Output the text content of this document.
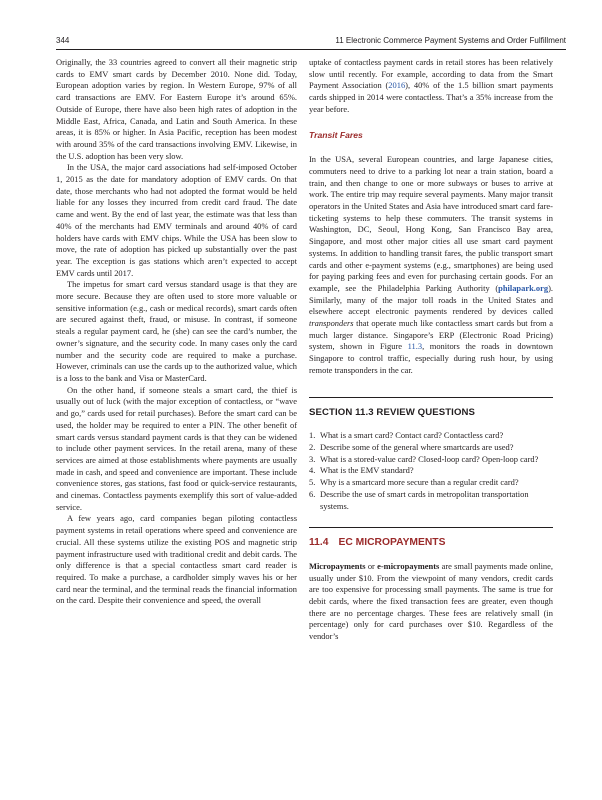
344	11 Electronic Commerce Payment Systems and Order Fulfillment

Originally, the 33 countries agreed to convert all their magnetic strip cards to EMV smart cards by December 2010. None did. Today, European adoption varies by region. In Western Europe, 97% of all card transactions are EMV. For Eastern Europe it’s around 65%. Outside of Europe, there have also been high rates of adoption in the Middle East, Africa, Canada, and Latin and South America. In these areas, it is 85% or higher. In Asia Pacific, reception has been modest with around 35% of the card transactions involving EMV. Likewise, in the U.S. adoption has been very slow.

In the USA, the major card associations had self-imposed October 1, 2015 as the date for mandatory adoption of EMV cards. On that date, those merchants who had not adopted the format would be held liable for any losses they incurred from credit card fraud. The date came and went. By the end of last year, the estimate was that less than 40% of the merchants had EMV terminals and around 40% of card holders have cards with EMV chips. While the USA has been slow to move, the rate of adoption has picked up substantially over the past year. The exception is gas stations which aren’t expected to accept EMV cards until 2017.

The impetus for smart card versus standard usage is that they are more secure. Because they are often used to store more valuable or sensitive information (e.g., cash or medical records), smart cards often are secured against theft, fraud, or misuse. In contrast, if someone steals a regular payment card, he (she) can see the card’s number, the owner’s signature, and the security code. In many cases only the card number and the security code are required to make a purchase. However, criminals can use the cards up to the authorized value, which is a loss to the bank and Visa or MasterCard.

On the other hand, if someone steals a smart card, the thief is usually out of luck (with the major exception of contactless, or “wave and go,” cards used for retail purchases). Before the smart card can be used, the holder may be required to enter a PIN. The other benefit of smart cards versus standard payment cards is that they can be widened to include other payment services. In the retail arena, many of these services are aimed at those establishments where payments are usually made in cash, and speed and convenience are important. These include convenience stores, gas stations, fast food or quick-service restaurants, and cinemas. Contactless payments exemplify this sort of value-added service.

A few years ago, card companies began piloting contactless payment systems in retail operations where speed and convenience are crucial. All these systems utilize the existing POS and magnetic strip payment infrastructure used with traditional credit and debit cards. The only difference is that a special contactless smart card reader is required. To make a purchase, a cardholder simply waves his or her card near the terminal, and the terminal reads the financial information on the card. Despite their convenience and speed, the overall

uptake of contactless payment cards in retail stores has been relatively slow until recently. For example, according to data from the Smart Payment Association (2016), 40% of the 1.5 billion smart payments cards shipped in 2014 were contactless. That’s a 35% increase from the year before.

Transit Fares

In the USA, several European countries, and large Japanese cities, commuters need to drive to a parking lot near a train station, board a train, and then change to one or more subways or buses to arrive at work. The entire trip may require several payments. Many major transit operators in the United States and Asia have introduced smart card fare-ticketing systems to help these commuters. The transit systems in Washington, DC, Seoul, Hong Kong, San Francisco Bay area, Singapore, and most other major cities all use smart card payment systems. In addition to handling transit fares, the public transport smart cards and other e-payment systems (e.g., smartphones) are being used for paying parking fees and even for purchasing certain goods. For an example, see the Philadelphia Parking Authority (philapark.org). Similarly, many of the major toll roads in the United States and elsewhere accept electronic payments rendered by devices called transponders that operate much like contactless smart cards but from a much larger distance. Singapore’s ERP (Electronic Road Pricing) system, shown in Figure 11.3, monitors the roads in downtown Singapore to control traffic, especially during rush hour, by using remote transponders in the car.

SECTION 11.3 REVIEW QUESTIONS
1. What is a smart card? Contact card? Contactless card?
2. Describe some of the general where smartcards are used?
3. What is a stored-value card? Closed-loop card? Open-loop card?
4. What is the EMV standard?
5. Why is a smartcard more secure than a regular credit card?
6. Describe the use of smart cards in metropolitan transportation systems.
11.4 EC MICROPAYMENTS

Micropayments or e-micropayments are small payments made online, usually under $10. From the viewpoint of many vendors, credit cards are too expensive for processing small payments. The same is true for debit cards, where the fixed transaction fees are greater, even though there are no percentage charges. These fees are relatively small (in percentage) only for card purchases over $10. Regardless of the vendor’s
